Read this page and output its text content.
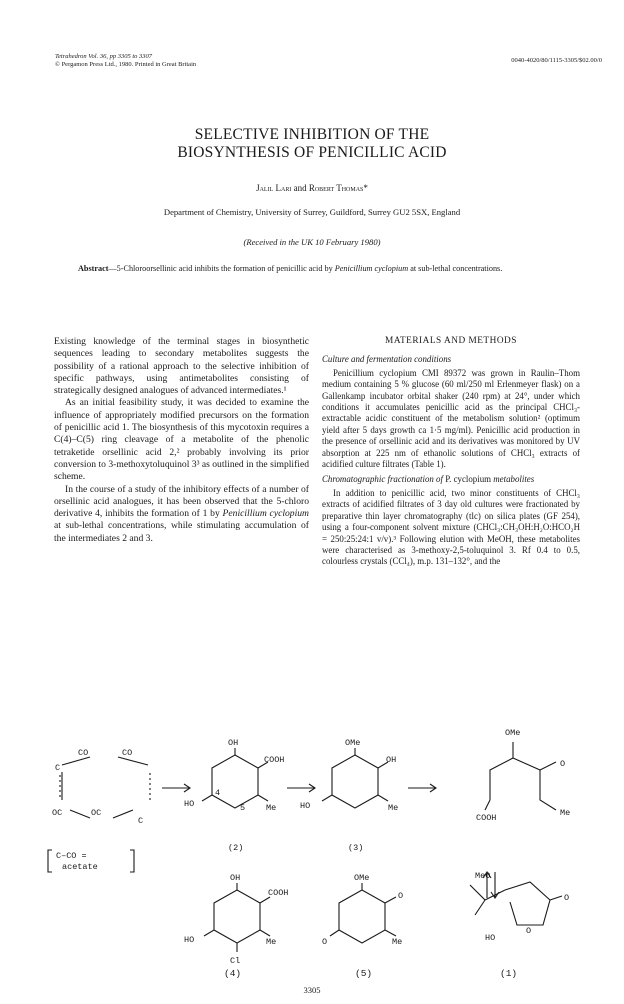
Tetrahedron Vol. 36, pp 3305 to 3307
© Pergamon Press Ltd., 1980. Printed in Great Britain
0040-4020/80/1115-3305/$02.00/0
SELECTIVE INHIBITION OF THE
BIOSYNTHESIS OF PENICILLIC ACID
Jalil Lari and Robert Thomas*
Department of Chemistry, University of Surrey, Guildford, Surrey GU2 5SX, England
(Received in the UK 10 February 1980)
Abstract—5-Chloroorsellinic acid inhibits the formation of penicillic acid by Penicillium cyclopium at sub-lethal concentrations.

Existing knowledge of the terminal stages in biosynthetic sequences leading to secondary metabolites suggests the possibility of a rational approach to the selective inhibition of specific pathways, using antimetabolites consisting of strategically designed analogues of advanced intermediates.¹

As an initial feasibility study, it was decided to examine the influence of appropriately modified precursors on the formation of penicillic acid 1. The biosynthesis of this mycotoxin requires a C(4)–C(5) ring cleavage of a metabolite of the phenolic tetraketide orsellinic acid 2,² probably involving its prior conversion to 3-methoxytoluquinol 3³ as outlined in the simplified scheme.

In the course of a study of the inhibitory effects of a number of orsellinic acid analogues, it has been observed that the 5-chloro derivative 4, inhibits the formation of 1 by Penicillium cyclopium at sub-lethal concentrations, while stimulating accumulation of the intermediates 2 and 3.

MATERIALS AND METHODS
Culture and fermentation conditions

Penicillium cyclopium CMI 89372 was grown in Raulin–Thom medium containing 5 % glucose (60 ml/250 ml Erlenmeyer flask) on a Gallenkamp incubator orbital shaker (240 rpm) at 24°, under which conditions it accumulates penicillic acid as the principal CHCl₃-extractable acidic constituent of the metabolism solution² (optimum yield after 5 days growth ca 1·5 mg/ml). Penicillic acid production in the presence of orsellinic acid and its derivatives was monitored by UV absorption at 225 nm of ethanolic solutions of CHCl₃ extracts of acidified culture filtrates (Table 1).

Chromatographic fractionation of P. cyclopium metabolites

In addition to penicillic acid, two minor constituents of CHCl₃ extracts of acidified filtrates of 3 day old cultures were fractionated by preparative thin layer chromatography (tlc) on silica plates (GF 254), using a four-component solvent mixture (CHCl₃:CH₃OH:H₂O:HCO₂H = 250:25:24:1 v/v).³ Following elution with MeOH, these metabolites were characterised as 3-methoxy-2,5-toluquinol 3. Rf 0.4 to 0.5, colourless crystals (CCl₄), m.p. 131–132°, and the

CO	CO
C
OC	OC
C
C–CO =
acetate
OH
COOH
HO	Me
4
5
(2)
OMe
OH
HO	Me
(3)
OMe
O
COOH	Me
OH
COOH
HO	Me
Cl
OMe
O
O	Me
MeO
O
O
HO
(4)	(5)	(1)
3305
